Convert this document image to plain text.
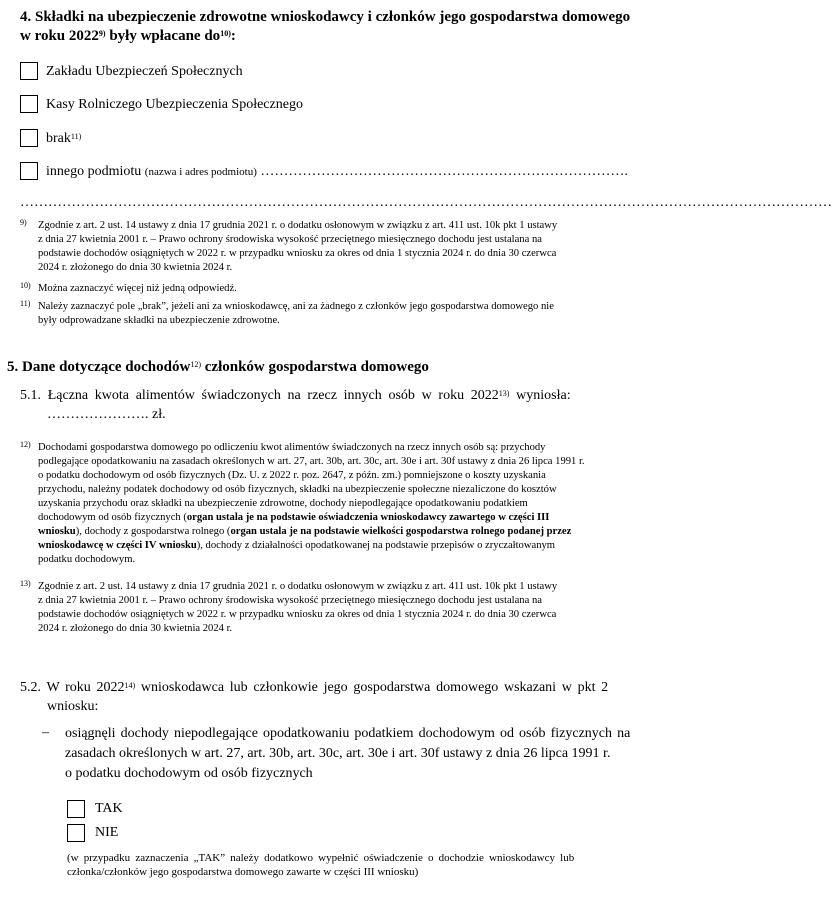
4. Składki na ubezpieczenie zdrowotne wnioskodawcy i członków jego gospodarstwa domowego
w roku 2022$^{9)}$ były wpłacane $do^{10)}$:
Zakładu Ubezpieczeń Społecznych
Kasy Rolniczego Ubezpieczenia Społecznego
brak$^{11)}$
innego podmiotu (nazwa i adres podmiotu) …………………………………………………………………….
…………………………………………………………………………………………………………………………………………………………
9) Zgodnie z art. 2 ust. 14 ustawy z dnia 17 grudnia 2021 r. o dodatku osłonowym w związku z art. 411 ust. 10k pkt 1 ustawy
z dnia 27 kwietnia 2001 r. – Prawo ochrony środowiska wysokość przeciętnego miesięcznego dochodu jest ustalana na
podstawie dochodów osiągniętych w 2022 r. w przypadku wniosku za okres od dnia 1 stycznia 2024 r. do dnia 30 czerwca
2024 r. złożonego do dnia 30 kwietnia 2024 r.
10) Można zaznaczyć więcej niż jedną odpowiedź.
11) Należy zaznaczyć pole „brak”, jeżeli ani za wnioskodawcę, ani za żadnego z członków jego gospodarstwa domowego nie
były odprowadzane składki na ubezpieczenie zdrowotne.
5. Dane dotyczące dochodów$^{12)}$ członków gospodarstwa domowego
5.1. Łączna kwota alimentów świadczonych na rzecz innych osób w roku 2022$^{13)}$ wyniosła:
…………………. zł.
12) Dochodami gospodarstwa domowego po odliczeniu kwot alimentów świadczonych na rzecz innych osób są: przychody
podlegające opodatkowaniu na zasadach określonych w art. 27, art. 30b, art. 30c, art. 30e i art. 30f ustawy z dnia 26 lipca 1991 r.
o podatku dochodowym od osób fizycznych (Dz. U. z 2022 r. poz. 2647, z późn. zm.) pomniejszone o koszty uzyskania
przychodu, należny podatek dochodowy od osób fizycznych, składki na ubezpieczenie społeczne niezaliczone do kosztów
uzyskania przychodu oraz składki na ubezpieczenie zdrowotne, dochody niepodlegające opodatkowaniu podatkiem
dochodowym od osób fizycznych (organ ustala je na podstawie oświadczenia wnioskodawcy zawartego w części III
wniosku), dochody z gospodarstwa rolnego (organ ustala je na podstawie wielkości gospodarstwa rolnego podanej przez
wnioskodawcę w części IV wniosku), dochody z działalności opodatkowanej na podstawie przepisów o zryczałtowanym
podatku dochodowym.
13) Zgodnie z art. 2 ust. 14 ustawy z dnia 17 grudnia 2021 r. o dodatku osłonowym w związku z art. 411 ust. 10k pkt 1 ustawy
z dnia 27 kwietnia 2001 r. – Prawo ochrony środowiska wysokość przeciętnego miesięcznego dochodu jest ustalana na
podstawie dochodów osiągniętych w 2022 r. w przypadku wniosku za okres od dnia 1 stycznia 2024 r. do dnia 30 czerwca
2024 r. złożonego do dnia 30 kwietnia 2024 r.
5.2. W roku 2022$^{14)}$ wnioskodawca lub członkowie jego gospodarstwa domowego wskazani w pkt 2
wniosku:
– osiągnęli dochody niepodlegające opodatkowaniu podatkiem dochodowym od osób fizycznych na
zasadach określonych w art. 27, art. 30b, art. 30c, art. 30e i art. 30f ustawy z dnia 26 lipca 1991 r.
o podatku dochodowym od osób fizycznych
TAK
NIE
(w przypadku zaznaczenia „TAK” należy dodatkowo wypełnić oświadczenie o dochodzie wnioskodawcy lub
członka/członków jego gospodarstwa domowego zawarte w części III wniosku)
